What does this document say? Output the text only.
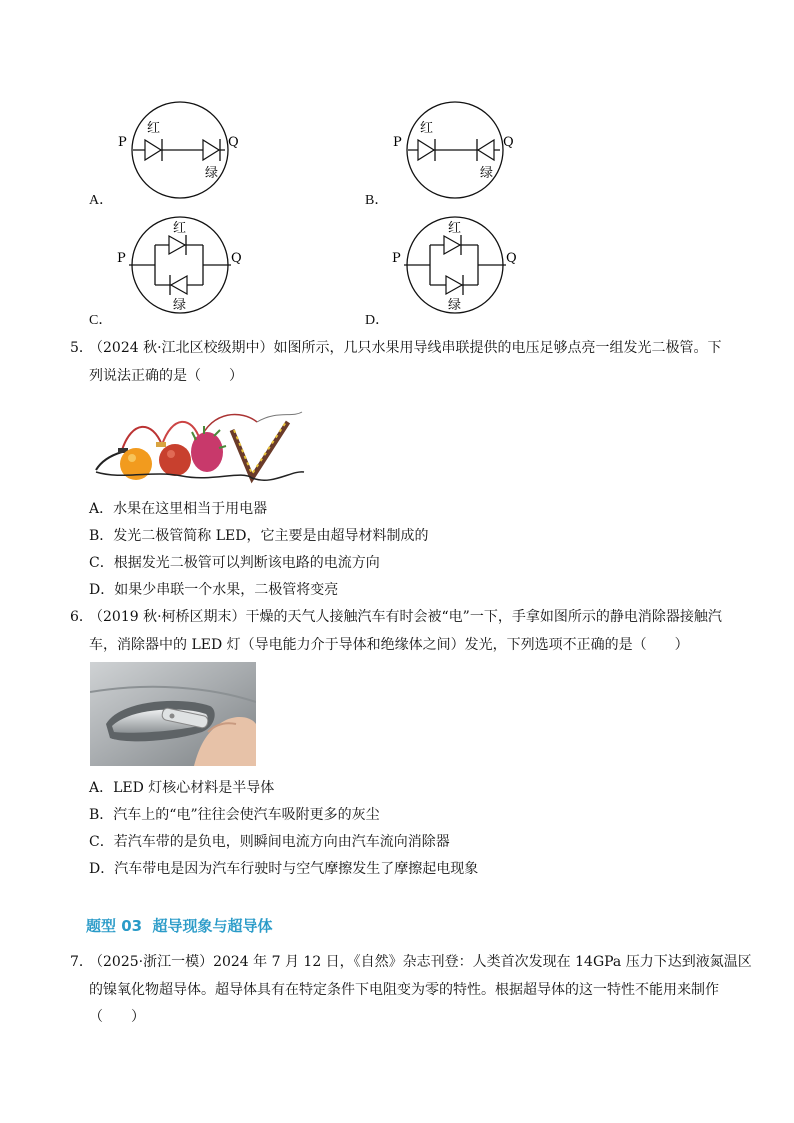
P	Q
红
绿
A．
P	Q
红
绿
B．
P	Q
红
绿
C．
P	Q
红
绿
D．
5．
（2024 秋·江北区校级期中）如图所示，几只水果用导线串联提供的电压足够点亮一组发光二极管。下
列说法正确的是（　　）
A．水果在这里相当于用电器
B．发光二极管简称 LED，它主要是由超导材料制成的
C．根据发光二极管可以判断该电路的电流方向
D．如果少串联一个水果，二极管将变亮
6．
（2019 秋·柯桥区期末）干燥的天气人接触汽车有时会被“电”一下，手拿如图所示的静电消除器接触汽
车，消除器中的 LED 灯（导电能力介于导体和绝缘体之间）发光，下列选项不正确的是（　　）
A．LED 灯核心材料是半导体
B．汽车上的“电”往往会使汽车吸附更多的灰尘
C．若汽车带的是负电，则瞬间电流方向由汽车流向消除器
D．汽车带电是因为汽车行驶时与空气摩擦发生了摩擦起电现象
题型 03  超导现象与超导体
7．
（2025·浙江一模）2024 年 7 月 12 日，《自然》杂志刊登：人类首次发现在 14GPa 压力下达到液氮温区
的镍氧化物超导体。超导体具有在特定条件下电阻变为零的特性。根据超导体的这一特性不能用来制作
（　　）
